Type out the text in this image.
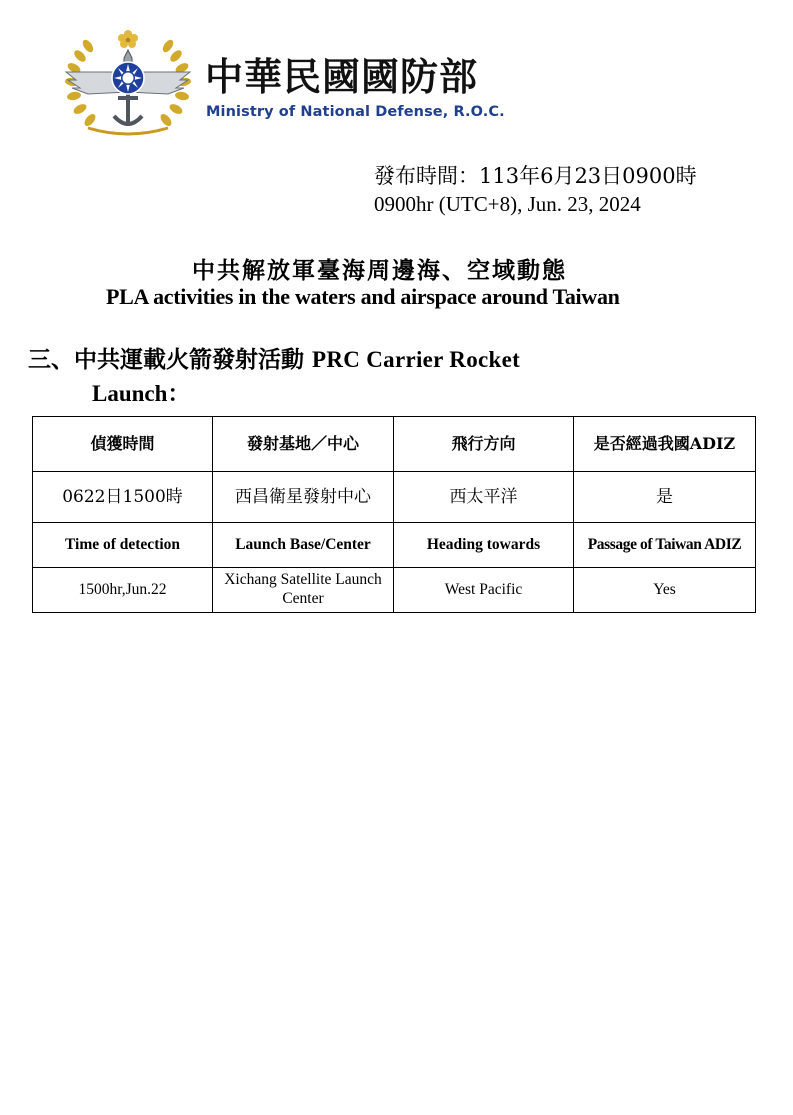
中華民國國防部
Ministry of National Defense, R.O.C.
發布時間：113年6月23日0900時
0900hr (UTC+8), Jun. 23, 2024
中共解放軍臺海周邊海、空域動態
PLA activities in the waters and airspace around Taiwan
三、中共運載火箭發射活動 PRC Carrier Rocket
Launch：
偵獲時間	發射基地／中心	飛行方向	是否經過我國ADIZ
0622日1500時	西昌衛星發射中心	西太平洋	是
Time of detection	Launch Base/Center	Heading towards	Passage of Taiwan ADIZ
1500hr,Jun.22	Xichang Satellite Launch Center	West Pacific	Yes
